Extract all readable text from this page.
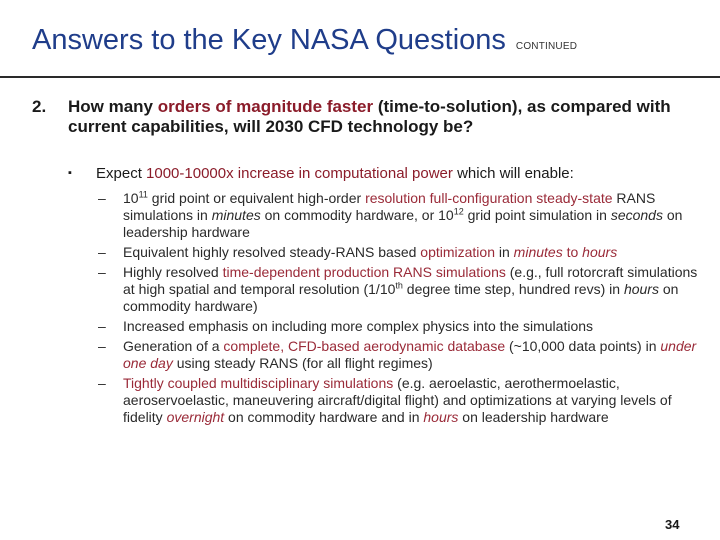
Answers to the Key NASA Questions CONTINUED
2. How many orders of magnitude faster (time-to-solution), as compared with current capabilities, will 2030 CFD technology be?
▪ Expect 1000-10000x increase in computational power which will enable:
– $10^{11}$ grid point or equivalent high-order resolution full-configuration steady-state RANS simulations in minutes on commodity hardware, or $10^{12}$ grid point simulation in seconds on leadership hardware
– Equivalent highly resolved steady-RANS based optimization in minutes to hours
– Highly resolved time-dependent production RANS simulations (e.g., full rotorcraft simulations at high spatial and temporal resolution (1/10th degree time step, hundred revs) in hours on commodity hardware)
– Increased emphasis on including more complex physics into the simulations
– Generation of a complete, CFD-based aerodynamic database (~10,000 data points) in under one day using steady RANS (for all flight regimes)
– Tightly coupled multidisciplinary simulations (e.g. aeroelastic, aerothermoelastic, aeroservoelastic, maneuvering aircraft/digital flight) and optimizations at varying levels of fidelity overnight on commodity hardware and in hours on leadership hardware
34
